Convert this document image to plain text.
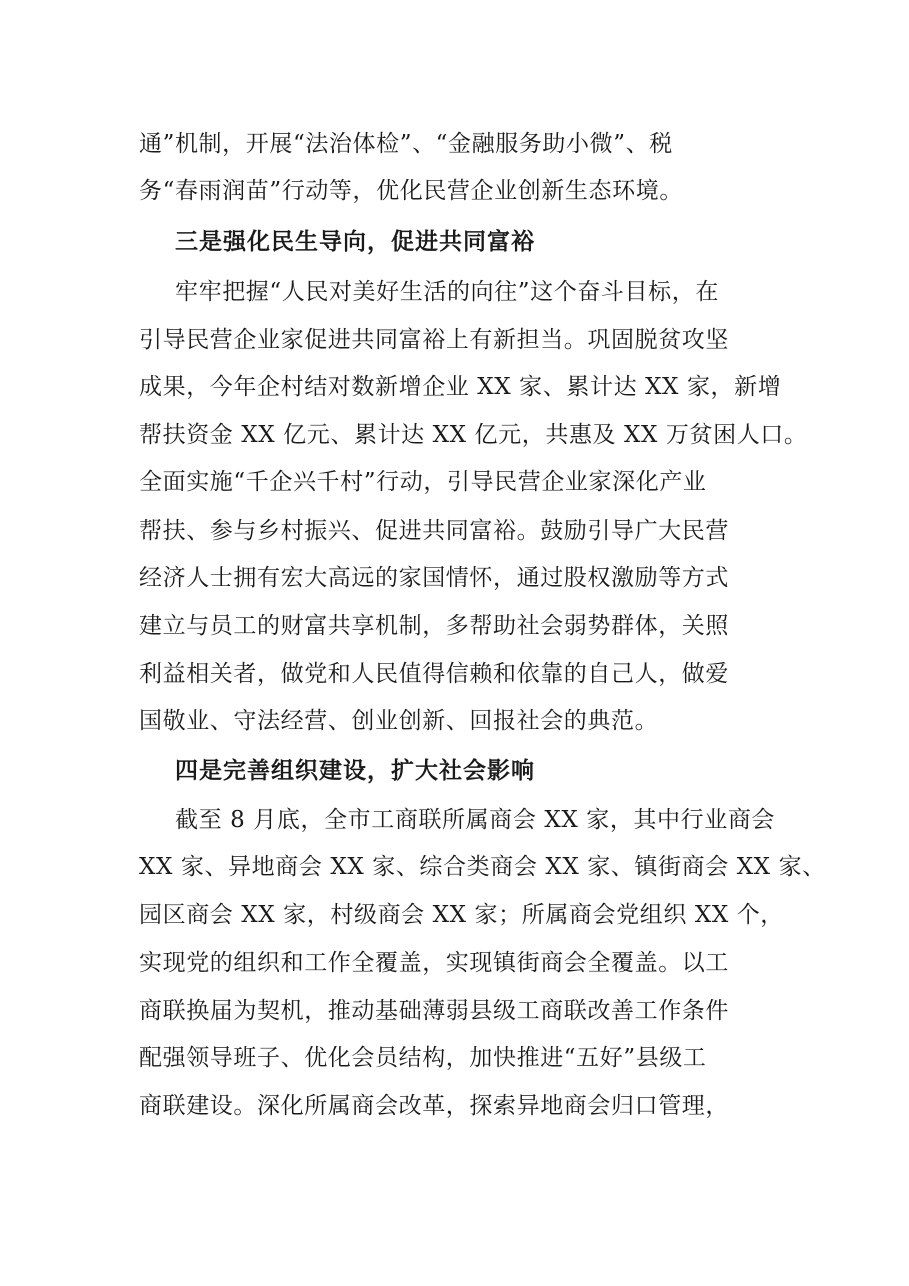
通”机制，开展“法治体检”、“金融服务助小微”、税
务“春雨润苗”行动等，优化民营企业创新生态环境。
三是强化民生导向，促进共同富裕
牢牢把握“人民对美好生活的向往”这个奋斗目标，在
引导民营企业家促进共同富裕上有新担当。巩固脱贫攻坚
成果，今年企村结对数新增企业 XX 家、累计达 XX 家，新增
帮扶资金 XX 亿元、累计达 XX 亿元，共惠及 XX 万贫困人口。
全面实施“千企兴千村”行动，引导民营企业家深化产业
帮扶、参与乡村振兴、促进共同富裕。鼓励引导广大民营
经济人士拥有宏大高远的家国情怀，通过股权激励等方式
建立与员工的财富共享机制，多帮助社会弱势群体，关照
利益相关者，做党和人民值得信赖和依靠的自己人，做爱
国敬业、守法经营、创业创新、回报社会的典范。
四是完善组织建设，扩大社会影响
截至 8 月底，全市工商联所属商会 XX 家，其中行业商会
XX 家、异地商会 XX 家、综合类商会 XX 家、镇街商会 XX 家、
园区商会 XX 家，村级商会 XX 家；所属商会党组织 XX 个，
实现党的组织和工作全覆盖，实现镇街商会全覆盖。以工
商联换届为契机，推动基础薄弱县级工商联改善工作条件
配强领导班子、优化会员结构，加快推进“五好”县级工
商联建设。深化所属商会改革，探索异地商会归口管理，
